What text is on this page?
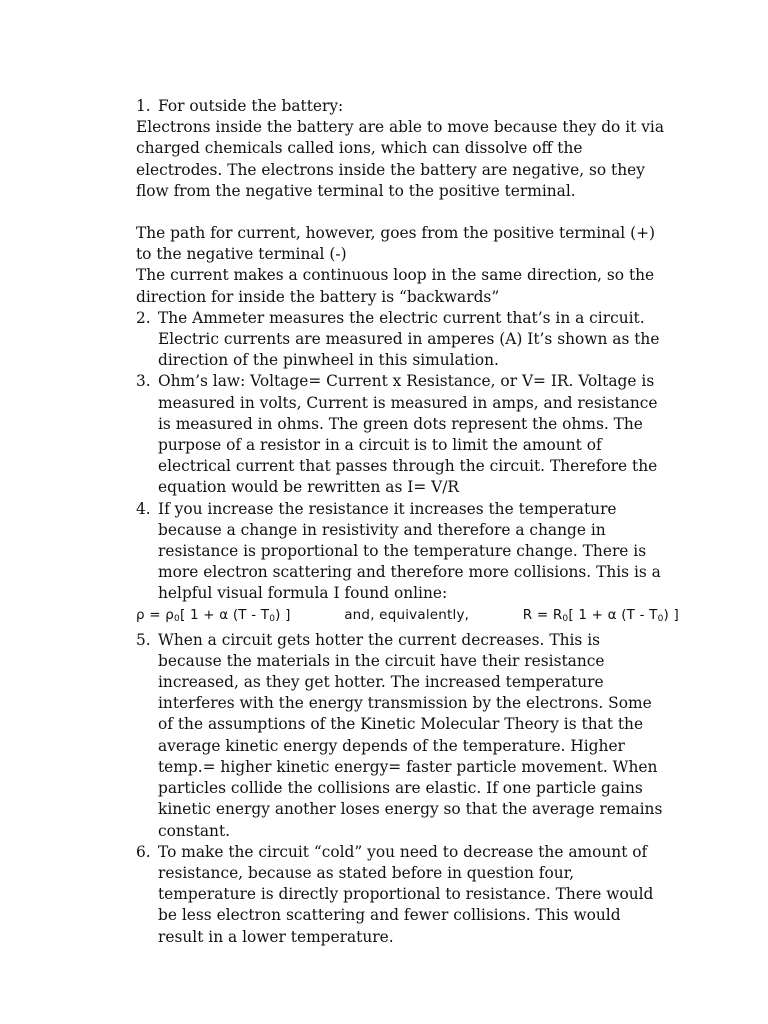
1. For outside the battery:

Electrons inside the battery are able to move because they do it via charged chemicals called ions, which can dissolve off the electrodes. The electrons inside the battery are negative, so they flow from the negative terminal to the positive terminal.

The path for current, however, goes from the positive terminal (+) to the negative terminal (-)

The current makes a continuous loop in the same direction, so the direction for inside the battery is “backwards”

2. The Ammeter measures the electric current that’s in a circuit. Electric currents are measured in amperes (A) It’s shown as the direction of the pinwheel in this simulation.
3. Ohm’s law: Voltage= Current x Resistance, or V= IR. Voltage is measured in volts, Current is measured in amps, and resistance is measured in ohms. The green dots represent the ohms. The purpose of a resistor in a circuit is to limit the amount of electrical current that passes through the circuit. Therefore the equation would be rewritten as I= V/R
4. If you increase the resistance it increases the temperature because a change in resistivity and therefore a change in resistance is proportional to the temperature change. There is more electron scattering and therefore more collisions. This is a helpful visual formula I found online:
$\rho = \rho_0$[ 1 + α $(T - T_0)$ ]	and, equivalently,	$R = R_0$[ 1 + α $(T - T_0)$ ]
5. When a circuit gets hotter the current decreases. This is because the materials in the circuit have their resistance increased, as they get hotter. The increased temperature interferes with the energy transmission by the electrons. Some of the assumptions of the Kinetic Molecular Theory is that the average kinetic energy depends of the temperature. Higher temp.= higher kinetic energy= faster particle movement. When particles collide the collisions are elastic. If one particle gains kinetic energy another loses energy so that the average remains constant.
6. To make the circuit “cold” you need to decrease the amount of resistance, because as stated before in question four, temperature is directly proportional to resistance. There would be less electron scattering and fewer collisions. This would result in a lower temperature.
